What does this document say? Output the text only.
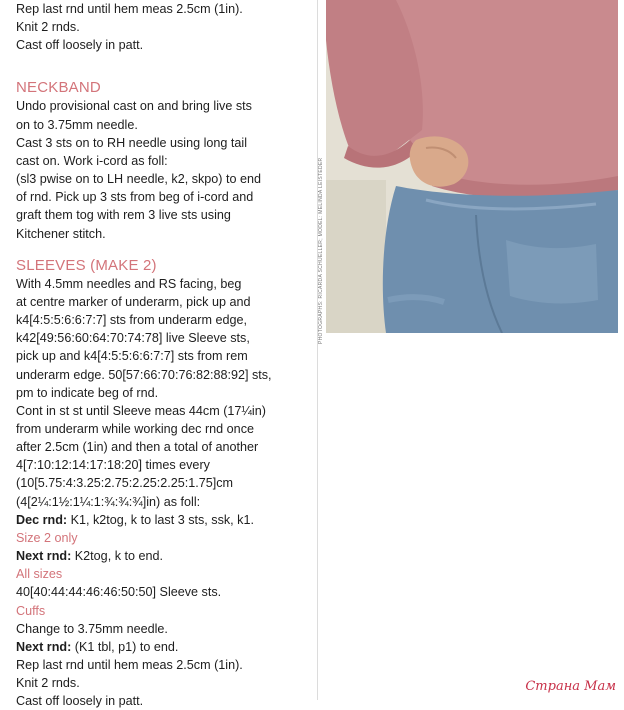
Rep last rnd until hem meas 2.5cm (1in).

Knit 2 rnds.

Cast off loosely in patt.

NECKBAND

Undo provisional cast on and bring live sts

on to 3.75mm needle.

Cast 3 sts on to RH needle using long tail

cast on. Work i-cord as foll:

(sl3 pwise on to LH needle, k2, skpo) to end

of rnd. Pick up 3 sts from beg of i-cord and

graft them tog with rem 3 live sts using

Kitchener stitch.

SLEEVES (MAKE 2)

With 4.5mm needles and RS facing, beg

at centre marker of underarm, pick up and

k4[4:5:5:6:6:7:7] sts from underarm edge,

k42[49:56:60:64:70:74:78] live Sleeve sts,

pick up and k4[4:5:5:6:6:7:7] sts from rem

underarm edge. 50[57:66:70:76:82:88:92] sts,

pm to indicate beg of rnd.

Cont in st st until Sleeve meas 44cm (17¼in)

from underarm while working dec rnd once

after 2.5cm (1in) and then a total of another

4[7:10:12:14:17:18:20] times every

(10[5.75:4:3.25:2.75:2.25:2.25:1.75]cm

(4[2¼:1½:1¼:1:¾:¾:¾]in) as foll:

Dec rnd: K1, k2tog, k to last 3 sts, ssk, k1.

Size 2 only

Next rnd: K2tog, k to end.

All sizes

40[40:44:44:46:46:50:50] Sleeve sts.

Cuffs

Change to 3.75mm needle.

Next rnd: (K1 tbl, p1) to end.

Rep last rnd until hem meas 2.5cm (1in).

Knit 2 rnds.

Cast off loosely in patt.

PHOTOGRAPHS: RICARDA SCHUELLER; MODEL: MELINDA LEISTEDER
Страна Мам
